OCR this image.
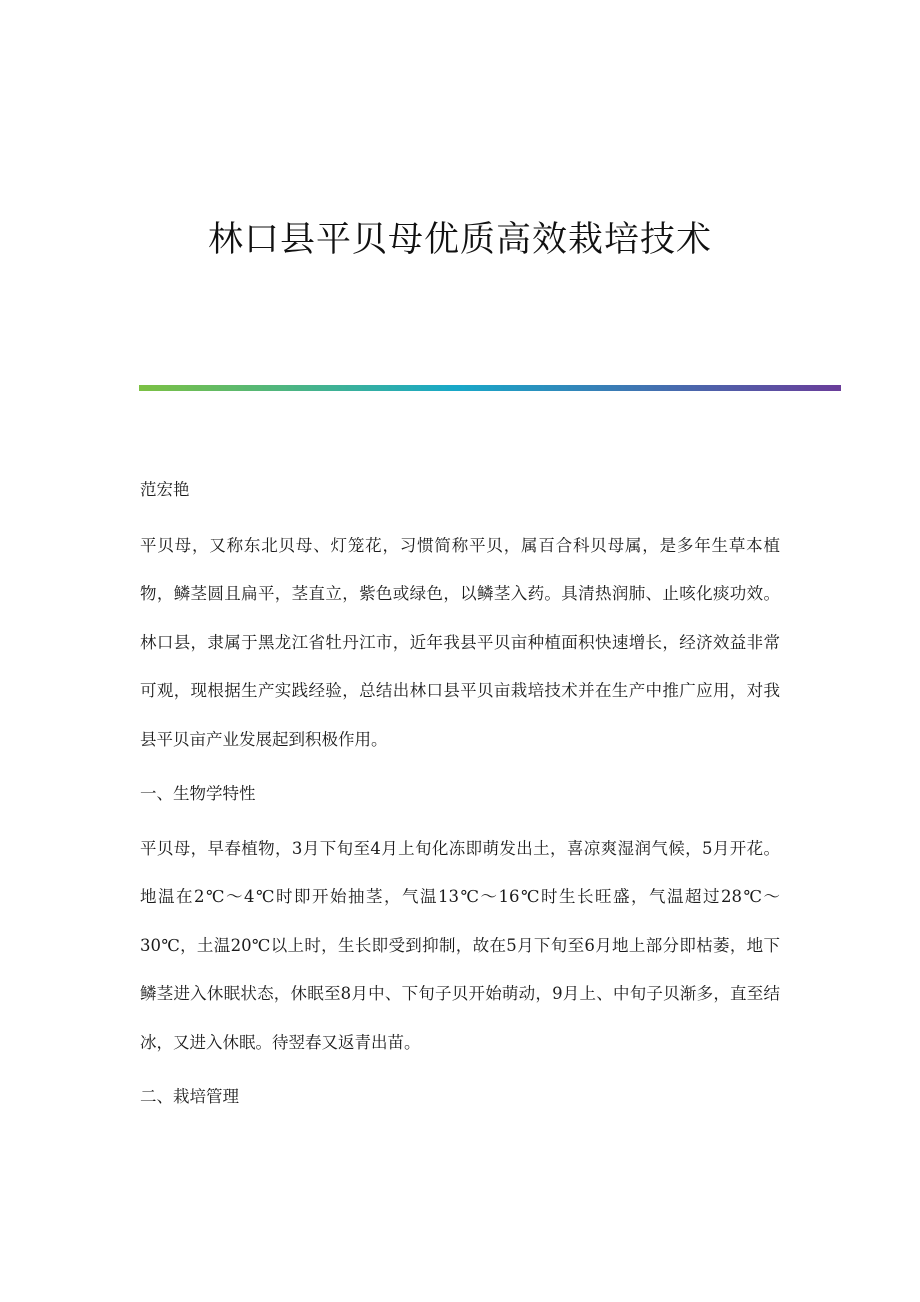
林口县平贝母优质高效栽培技术

范宏艳

平贝母，又称东北贝母、灯笼花，习惯简称平贝，属百合科贝母属，是多年生草本植物，鳞茎圆且扁平，茎直立，紫色或绿色，以鳞茎入药。具清热润肺、止咳化痰功效。林口县，隶属于黑龙江省牡丹江市，近年我县平贝亩种植面积快速增长，经济效益非常可观，现根据生产实践经验，总结出林口县平贝亩栽培技术并在生产中推广应用，对我县平贝亩产业发展起到积极作用。

一、生物学特性

平贝母，早春植物，3月下旬至4月上旬化冻即萌发出土，喜凉爽湿润气候，5月开花。地温在2℃～4℃时即开始抽茎，气温13℃～16℃时生长旺盛，气温超过28℃～30℃，土温20℃以上时，生长即受到抑制，故在5月下旬至6月地上部分即枯萎，地下鳞茎进入休眠状态，休眠至8月中、下旬子贝开始萌动，9月上、中旬子贝渐多，直至结冰，又进入休眠。待翌春又返青出苗。

二、栽培管理
